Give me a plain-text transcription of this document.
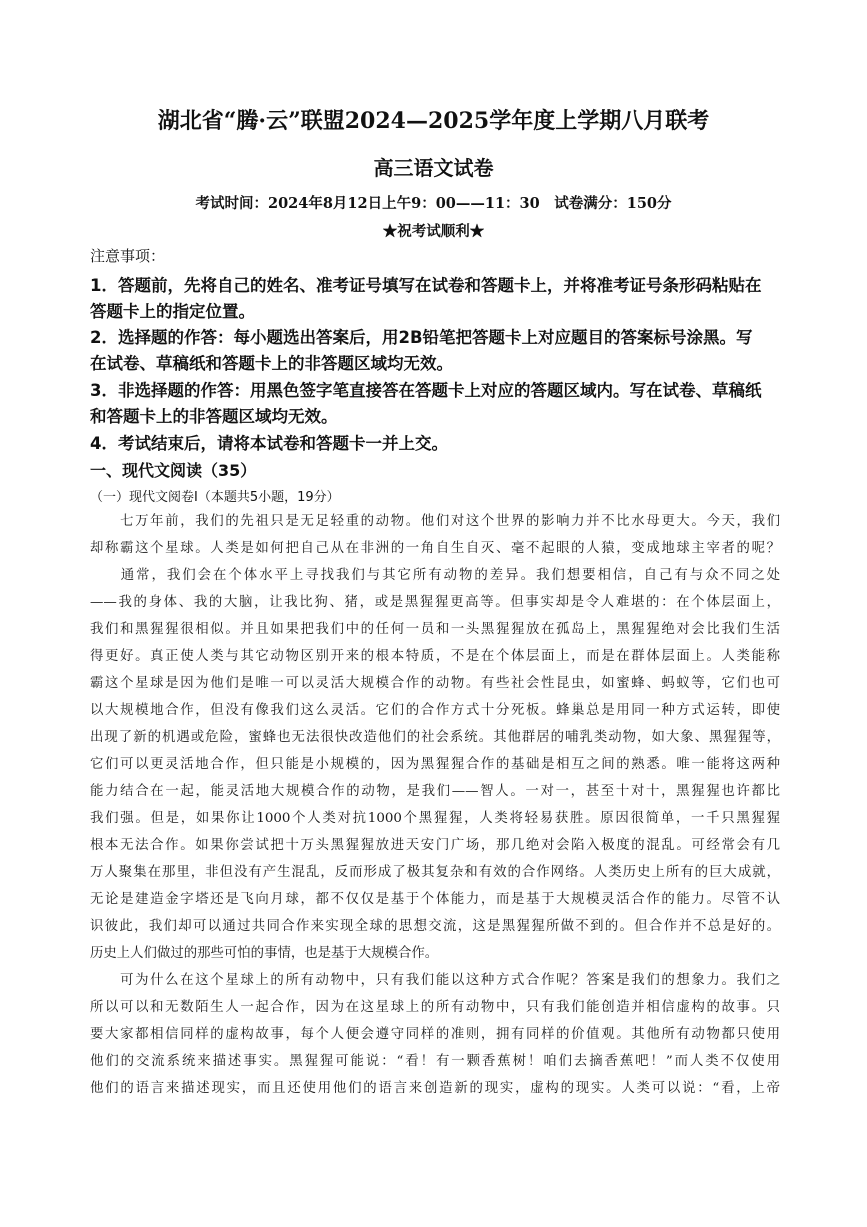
湖北省“腾·云”联盟2024—2025学年度上学期八月联考
高三语文试卷
考试时间：2024年8月12日上午9：00——11：30　试卷满分：150分
★祝考试顺利★
注意事项：
1．答题前，先将自己的姓名、准考证号填写在试卷和答题卡上，并将准考证号条形码粘贴在
答题卡上的指定位置。
2．选择题的作答：每小题选出答案后，用2B铅笔把答题卡上对应题目的答案标号涂黑。写
在试卷、草稿纸和答题卡上的非答题区域均无效。
3．非选择题的作答：用黑色签字笔直接答在答题卡上对应的答题区域内。写在试卷、草稿纸
和答题卡上的非答题区域均无效。
4．考试结束后，请将本试卷和答题卡一并上交。
一、现代文阅读（35）
（一）现代文阅卷Ⅰ（本题共5小题，19分）
　　七万年前，我们的先祖只是无足轻重的动物。他们对这个世界的影响力并不比水母更大。今天，我们
却称霸这个星球。人类是如何把自己从在非洲的一角自生自灭、毫不起眼的人猿，变成地球主宰者的呢？
　　通常，我们会在个体水平上寻找我们与其它所有动物的差异。我们想要相信，自己有与众不同之处
——我的身体、我的大脑，让我比狗、猪，或是黑猩猩更高等。但事实却是令人难堪的：在个体层面上，
我们和黑猩猩很相似。并且如果把我们中的任何一员和一头黑猩猩放在孤岛上，黑猩猩绝对会比我们生活
得更好。真正使人类与其它动物区别开来的根本特质，不是在个体层面上，而是在群体层面上。人类能称
霸这个星球是因为他们是唯一可以灵活大规模合作的动物。有些社会性昆虫，如蜜蜂、蚂蚁等，它们也可
以大规模地合作，但没有像我们这么灵活。它们的合作方式十分死板。蜂巢总是用同一种方式运转，即使
出现了新的机遇或危险，蜜蜂也无法很快改造他们的社会系统。其他群居的哺乳类动物，如大象、黑猩猩等，
它们可以更灵活地合作，但只能是小规模的，因为黑猩猩合作的基础是相互之间的熟悉。唯一能将这两种
能力结合在一起，能灵活地大规模合作的动物，是我们——智人。一对一，甚至十对十，黑猩猩也许都比
我们强。但是，如果你让1000个人类对抗1000个黑猩猩，人类将轻易获胜。原因很简单，一千只黑猩猩
根本无法合作。如果你尝试把十万头黑猩猩放进天安门广场，那几绝对会陷入极度的混乱。可经常会有几
万人聚集在那里，非但没有产生混乱，反而形成了极其复杂和有效的合作网络。人类历史上所有的巨大成就，
无论是建造金字塔还是飞向月球，都不仅仅是基于个体能力，而是基于大规模灵活合作的能力。尽管不认
识彼此，我们却可以通过共同合作来实现全球的思想交流，这是黑猩猩所做不到的。但合作并不总是好的。
历史上人们做过的那些可怕的事情，也是基于大规模合作。
　　可为什么在这个星球上的所有动物中，只有我们能以这种方式合作呢？答案是我们的想象力。我们之
所以可以和无数陌生人一起合作，因为在这星球上的所有动物中，只有我们能创造并相信虚构的故事。只
要大家都相信同样的虚构故事，每个人便会遵守同样的准则，拥有同样的价值观。其他所有动物都只使用
他们的交流系统来描述事实。黑猩猩可能说：“看！有一颗香蕉树！咱们去摘香蕉吧！”而人类不仅使用
他们的语言来描述现实，而且还使用他们的语言来创造新的现实，虚构的现实。人类可以说：“看，上帝
